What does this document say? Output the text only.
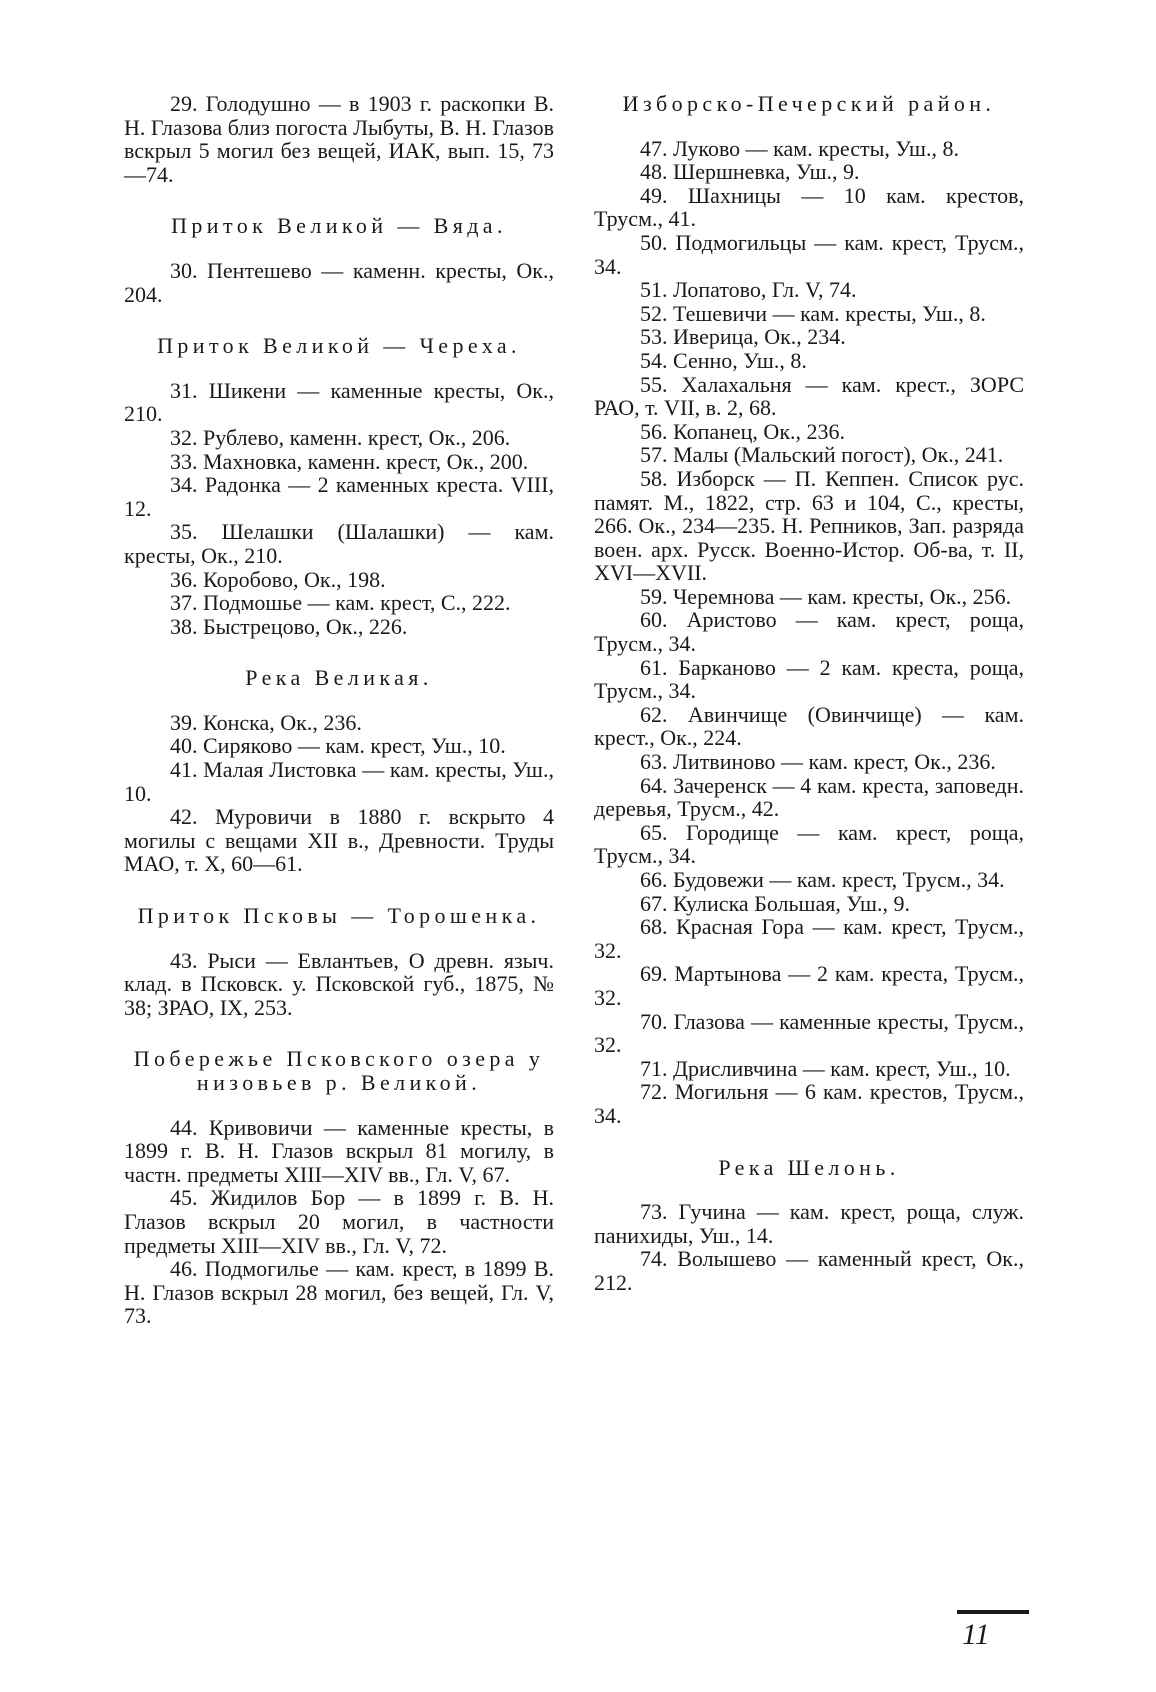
29. Голодушно — в 1903 г. раскопки В. Н. Глазова близ погоста Лыбуты, В. Н. Глазов вскрыл 5 могил без вещей, ИАК, вып. 15, 73—74.
Приток Великой — Вяда.
30. Пентешево — каменн. кресты, Ок., 204.
Приток Великой — Череха.
31. Шикени — каменные кресты, Ок., 210.
32. Рублево, каменн. крест, Ок., 206.
33. Махновка, каменн. крест, Ок., 200.
34. Радонка — 2 каменных креста. VIII, 12.
35. Шелашки (Шалашки) — кам. кресты, Ок., 210.
36. Коробово, Ок., 198.
37. Подмошье — кам. крест, С., 222.
38. Быстрецово, Ок., 226.
Река Великая.
39. Конска, Ок., 236.
40. Сиряково — кам. крест, Уш., 10.
41. Малая Листовка — кам. кресты, Уш., 10.
42. Муровичи в 1880 г. вскрыто 4 могилы с вещами XII в., Древности. Труды МАО, т. X, 60—61.
Приток Псковы — Торошенка.
43. Рыси — Евлантьев, О древн. языч. клад. в Псковск. у. Псковской губ., 1875, № 38; ЗРАО, IX, 253.
Побережье Псковского озера у низовьев р. Великой.
44. Кривовичи — каменные кресты, в 1899 г. В. Н. Глазов вскрыл 81 могилу, в частн. предметы XIII—XIV вв., Гл. V, 67.
45. Жидилов Бор — в 1899 г. В. Н. Глазов вскрыл 20 могил, в частности предметы XIII—XIV вв., Гл. V, 72.
46. Подмогилье — кам. крест, в 1899 В. Н. Глазов вскрыл 28 могил, без вещей, Гл. V, 73.
Изборско-Печерский район.
47. Луково — кам. кресты, Уш., 8.
48. Шершневка, Уш., 9.
49. Шахницы — 10 кам. крестов, Трусм., 41.
50. Подмогильцы — кам. крест, Трусм., 34.
51. Лопатово, Гл. V, 74.
52. Тешевичи — кам. кресты, Уш., 8.
53. Иверица, Ок., 234.
54. Сенно, Уш., 8.
55. Халахальня — кам. крест., ЗОРС РАО, т. VII, в. 2, 68.
56. Копанец, Ок., 236.
57. Малы (Мальский погост), Ок., 241.
58. Изборск — П. Кеппен. Список рус. памят. М., 1822, стр. 63 и 104, С., кресты, 266. Ок., 234—235. Н. Репников, Зап. разряда воен. арх. Русск. Военно-Истор. Об-ва, т. II, XVI—XVII.
59. Черемнова — кам. кресты, Ок., 256.
60. Аристово — кам. крест, роща, Трусм., 34.
61. Барканово — 2 кам. креста, роща, Трусм., 34.
62. Авинчище (Овинчище) — кам. крест., Ок., 224.
63. Литвиново — кам. крест, Ок., 236.
64. Зачеренск — 4 кам. креста, заповедн. деревья, Трусм., 42.
65. Городище — кам. крест, роща, Трусм., 34.
66. Будовежи — кам. крест, Трусм., 34.
67. Кулиска Большая, Уш., 9.
68. Красная Гора — кам. крест, Трусм., 32.
69. Мартынова — 2 кам. креста, Трусм., 32.
70. Глазова — каменные кресты, Трусм., 32.
71. Дрисливчина — кам. крест, Уш., 10.
72. Могильня — 6 кам. крестов, Трусм., 34.
Река Шелонь.
73. Гучина — кам. крест, роща, служ. панихиды, Уш., 14.
74. Волышево — каменный крест, Ок., 212.
11
